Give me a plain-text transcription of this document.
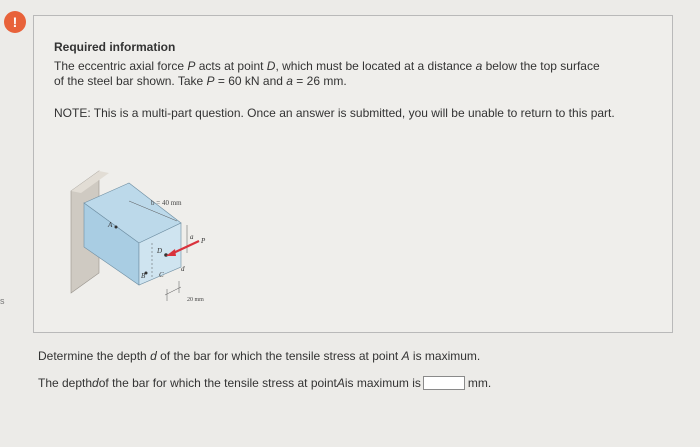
!
s
Required information
The eccentric axial force P acts at point D, which must be located at a distance a below the top surface
of the steel bar shown. Take P = 60 kN and a = 26 mm.
NOTE: This is a multi-part question. Once an answer is submitted, you will be unable to return to this part.
b = 40 mm
A
B C
D
d
a P
20 mm
Determine the depth d of the bar for which the tensile stress at point A is maximum.
The depth d of the bar for which the tensile stress at point A is maximum is	mm.
